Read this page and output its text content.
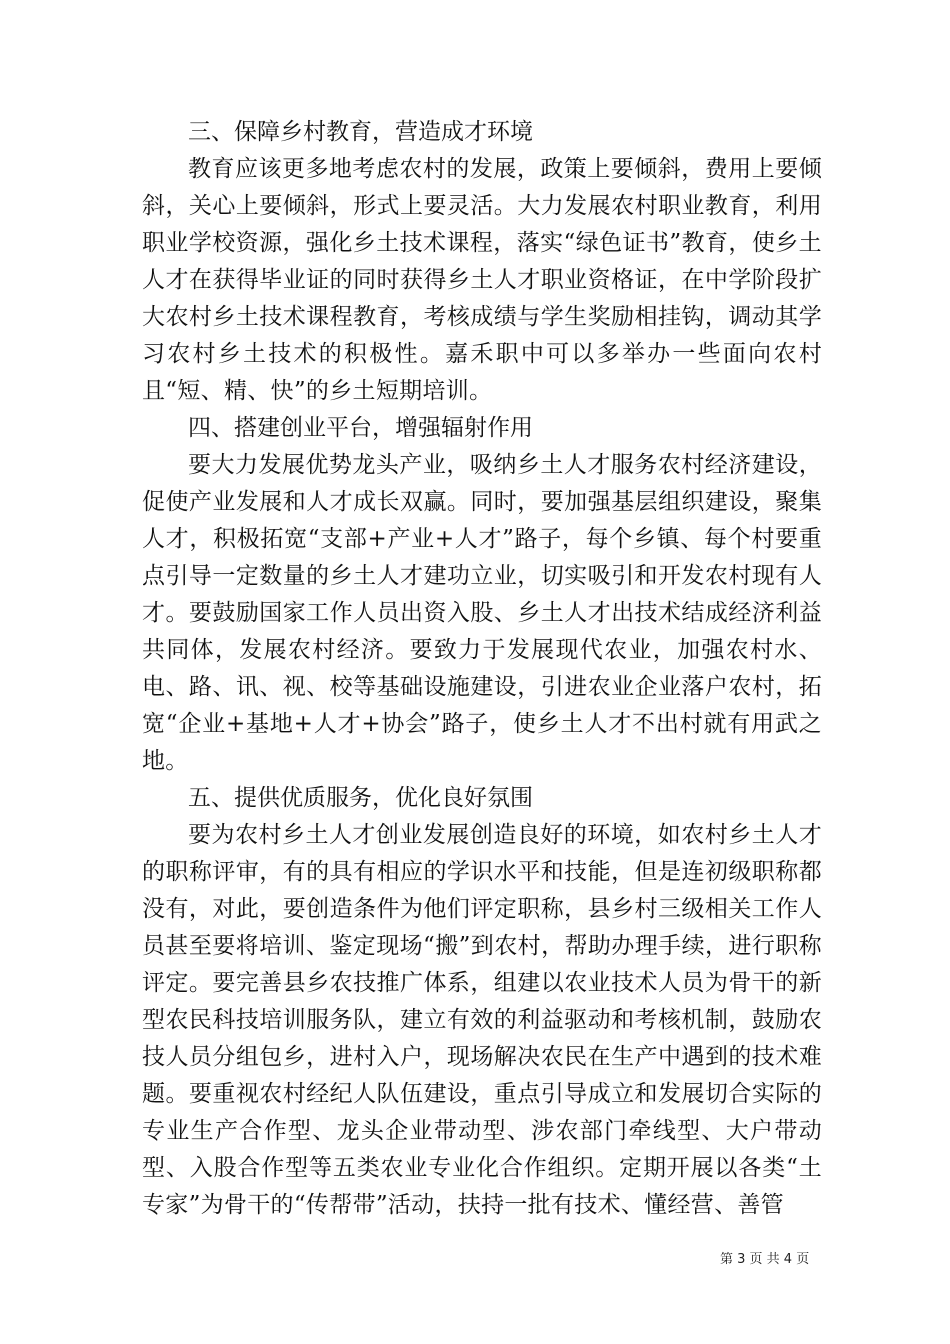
三、保障乡村教育，营造成才环境

教育应该更多地考虑农村的发展，政策上要倾斜，费用上要倾斜，关心上要倾斜，形式上要灵活。大力发展农村职业教育，利用职业学校资源，强化乡土技术课程，落实“绿色证书”教育，使乡土人才在获得毕业证的同时获得乡土人才职业资格证，在中学阶段扩大农村乡土技术课程教育，考核成绩与学生奖励相挂钩，调动其学习农村乡土技术的积极性。嘉禾职中可以多举办一些面向农村且“短、精、快”的乡土短期培训。

四、搭建创业平台，增强辐射作用

要大力发展优势龙头产业，吸纳乡土人才服务农村经济建设，促使产业发展和人才成长双赢。同时，要加强基层组织建设，聚集人才，积极拓宽“支部+产业+人才”路子，每个乡镇、每个村要重点引导一定数量的乡土人才建功立业，切实吸引和开发农村现有人才。要鼓励国家工作人员出资入股、乡土人才出技术结成经济利益共同体，发展农村经济。要致力于发展现代农业，加强农村水、电、路、讯、视、校等基础设施建设，引进农业企业落户农村，拓宽“企业+基地+人才+协会”路子，使乡土人才不出村就有用武之地。

五、提供优质服务，优化良好氛围

要为农村乡土人才创业发展创造良好的环境，如农村乡土人才的职称评审，有的具有相应的学识水平和技能，但是连初级职称都没有，对此，要创造条件为他们评定职称，县乡村三级相关工作人员甚至要将培训、鉴定现场“搬”到农村，帮助办理手续，进行职称评定。要完善县乡农技推广体系，组建以农业技术人员为骨干的新型农民科技培训服务队，建立有效的利益驱动和考核机制，鼓励农技人员分组包乡，进村入户，现场解决农民在生产中遇到的技术难题。要重视农村经纪人队伍建设，重点引导成立和发展切合实际的专业生产合作型、龙头企业带动型、涉农部门牵线型、大户带动型、入股合作型等五类农业专业化合作组织。定期开展以各类“土专家”为骨干的“传帮带”活动，扶持一批有技术、懂经营、善管

第 3 页 共 4 页
